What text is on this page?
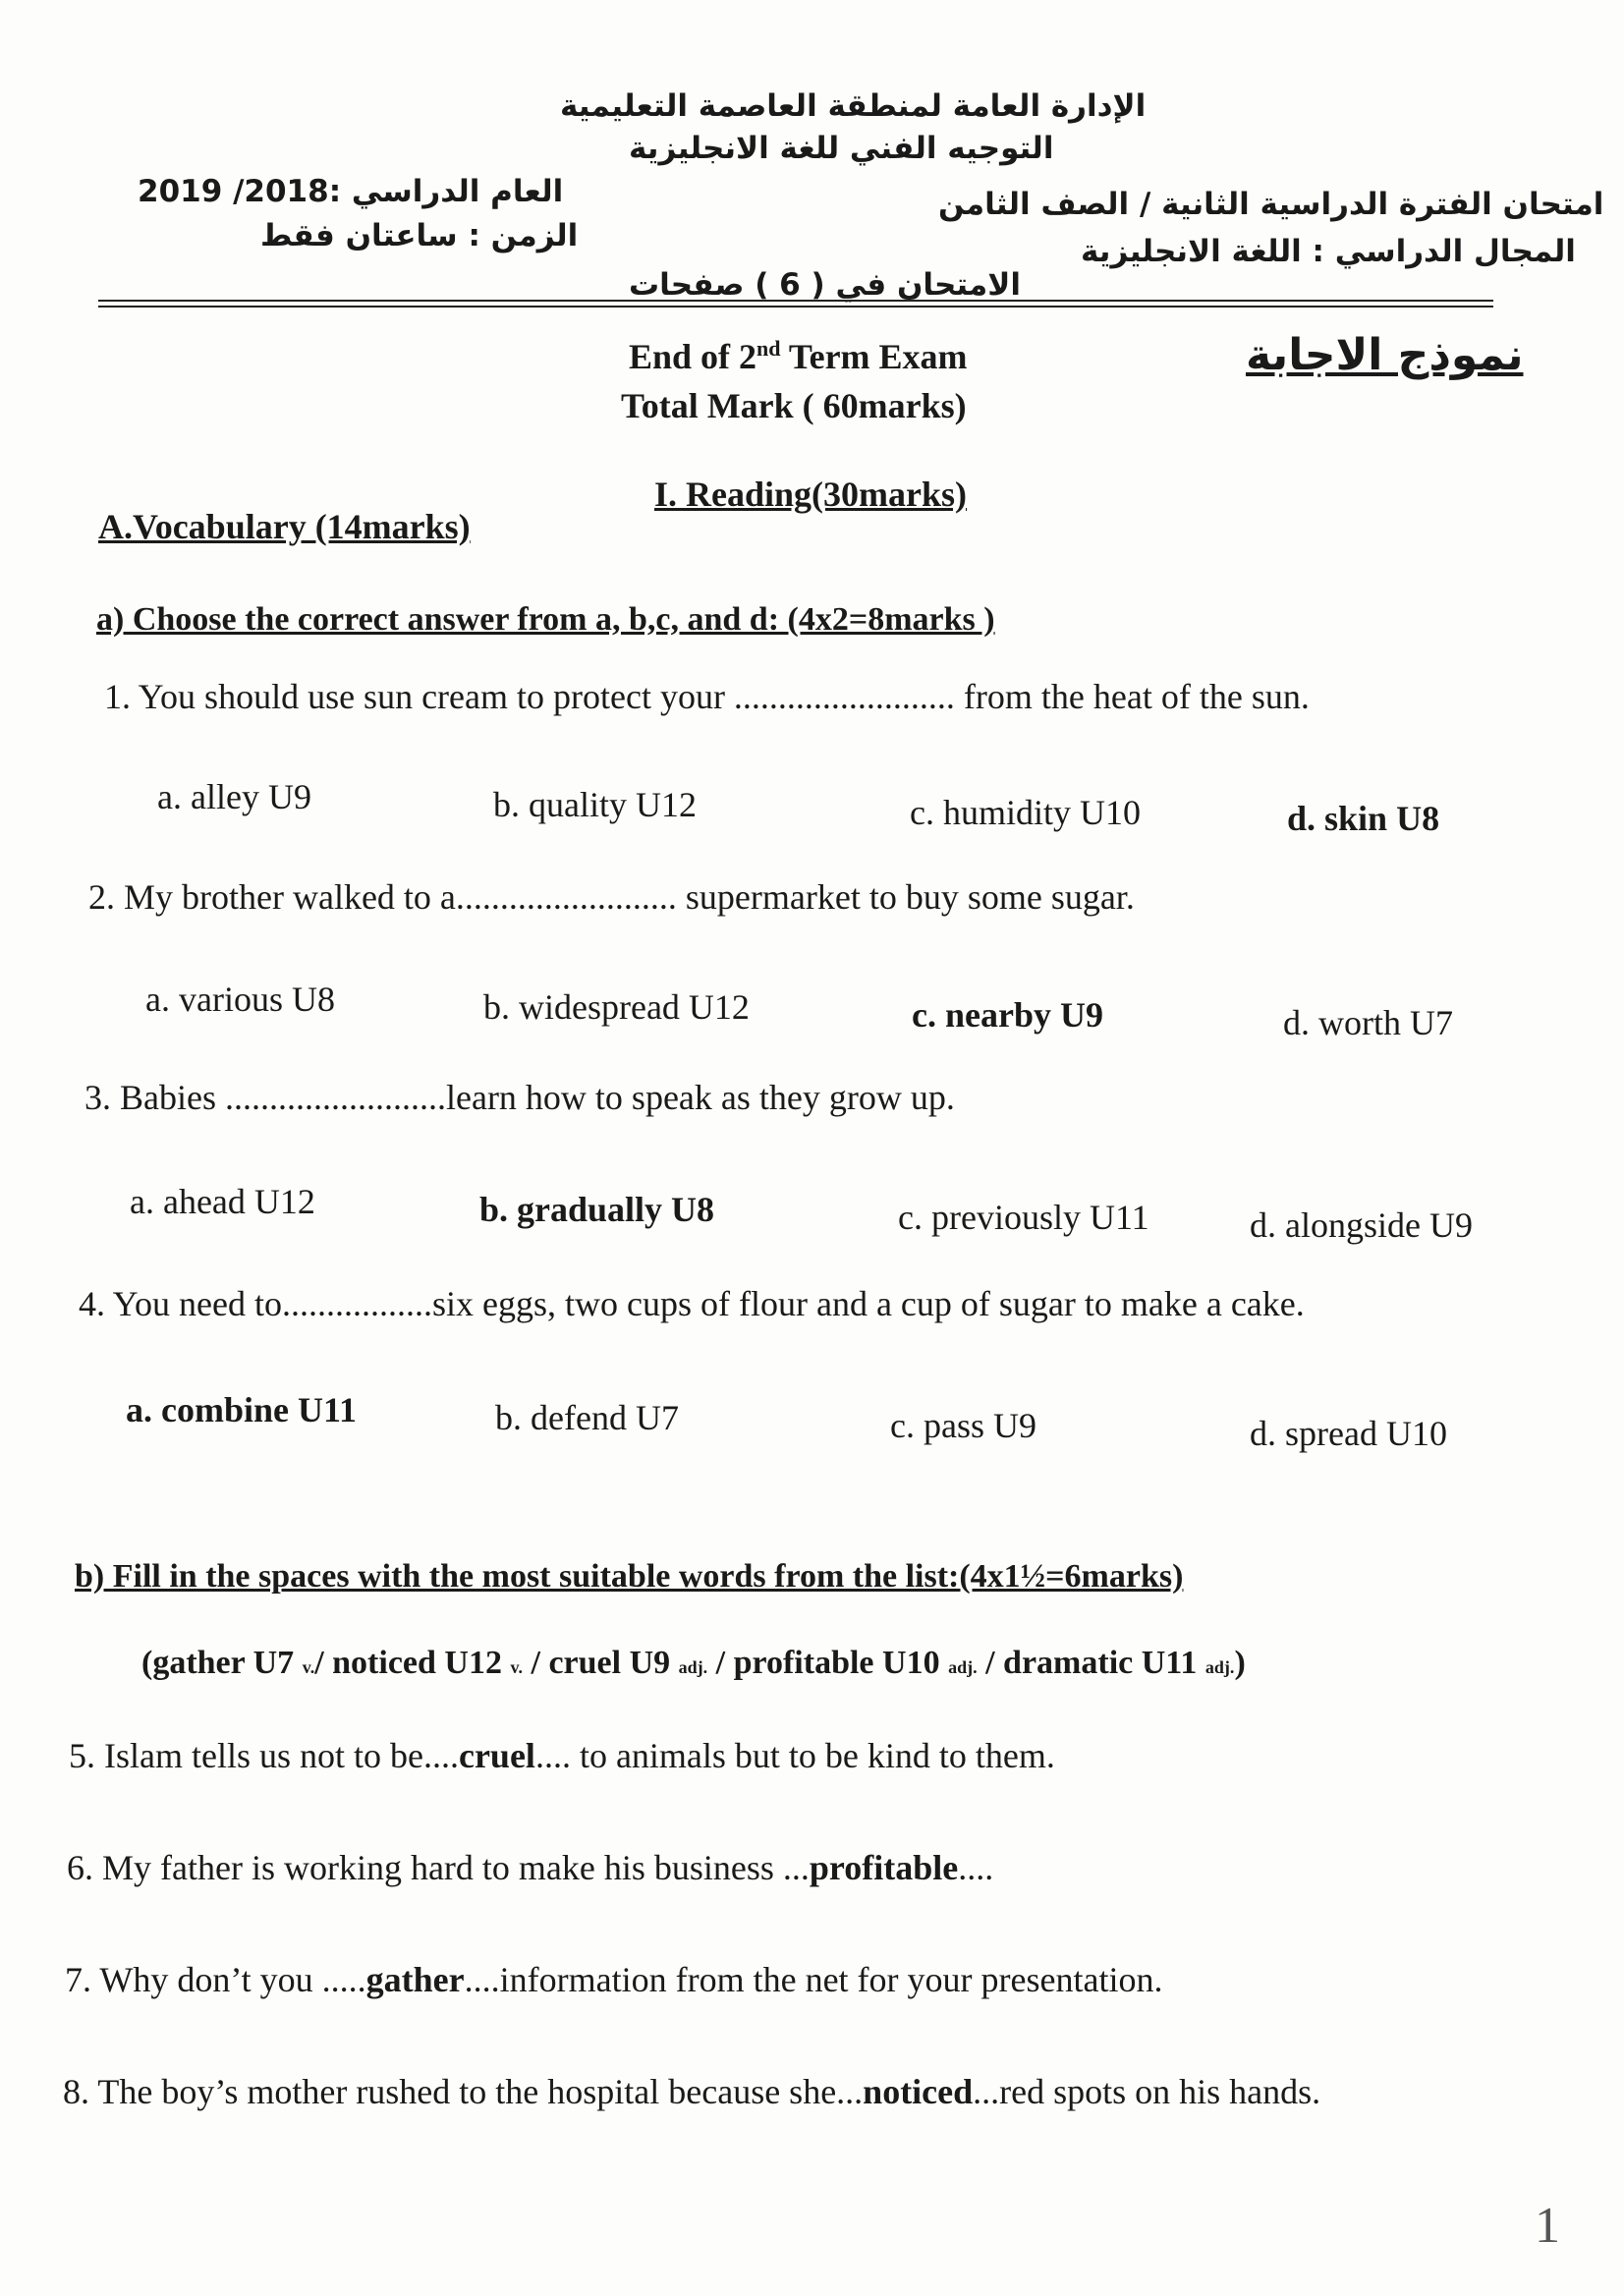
الإدارة العامة لمنطقة العاصمة التعليمية
التوجيه الفني للغة الانجليزية
امتحان الفترة الدراسية الثانية / الصف الثامن
المجال الدراسي : اللغة الانجليزية
العام الدراسي :2018/ 2019
الزمن : ساعتان فقط
الامتحان في ( 6 ) صفحات
نموذج الاجابة
End of 2nd Term Exam
Total Mark ( 60marks)
I. Reading(30marks)
A.Vocabulary (14marks)
a) Choose the correct answer from a, b,c, and d: (4x2=8marks )
1. You should use sun cream to protect your ......................... from the heat of the sun.
a. alley U9	b. quality U12	c. humidity U10	d. skin U8
2. My brother walked to a......................... supermarket to buy some sugar.
a. various U8	b. widespread U12	c. nearby U9	d. worth U7
3. Babies .........................learn how to speak as they grow up.
a. ahead U12	b. gradually U8	c. previously U11	d. alongside U9
4. You need to.................six eggs, two cups of flour and a cup of sugar to make a cake.
a. combine U11	b. defend U7	c. pass U9	d. spread U10
b) Fill in the spaces with the most suitable words from the list:(4x1½=6marks)
(gather U7 v./ noticed U12 v. / cruel U9 adj. / profitable U10 adj. / dramatic U11 adj.)
5. Islam tells us not to be....cruel.... to animals but to be kind to them.
6. My father is working hard to make his business ...profitable....
7. Why don’t you .....gather....information from the net for your presentation.
8. The boy’s mother rushed to the hospital because she...noticed...red spots on his hands.
1
